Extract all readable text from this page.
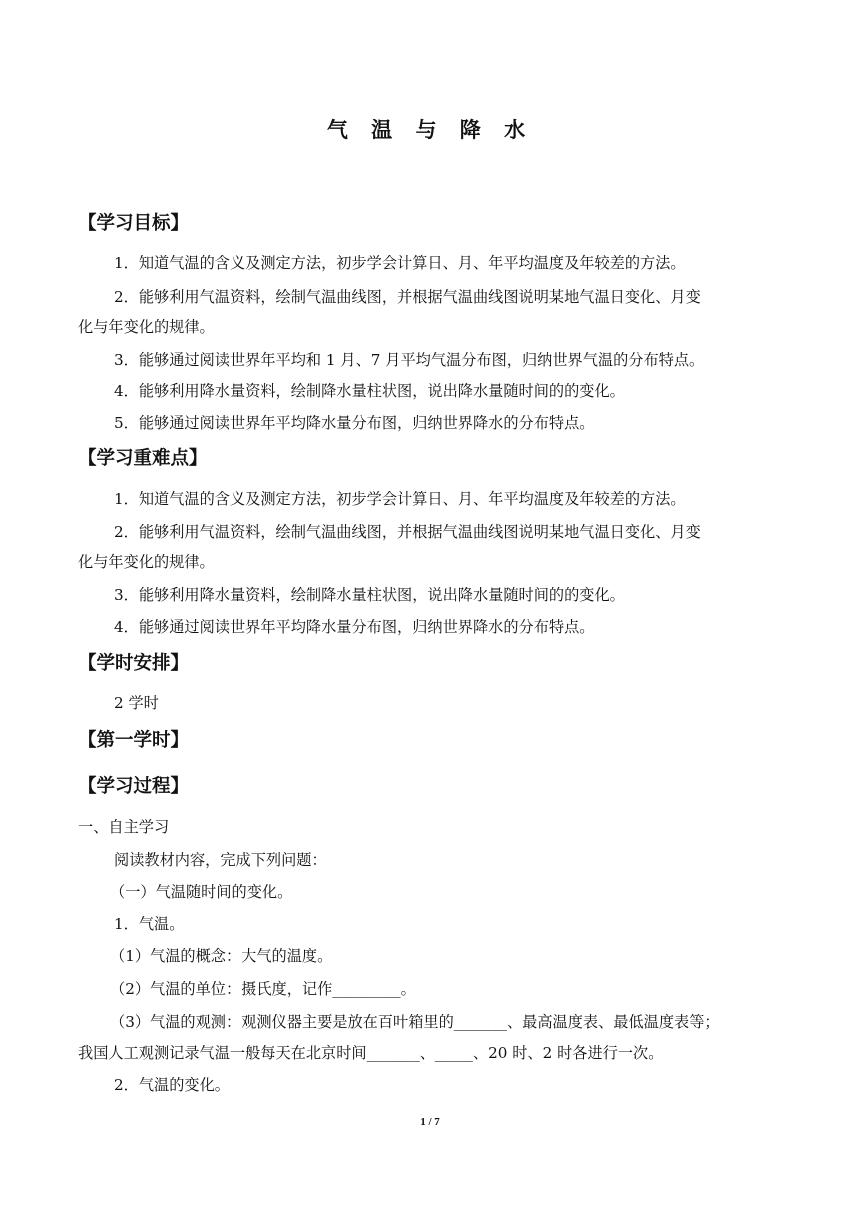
气 温 与 降 水
【学习目标】
1．知道气温的含义及测定方法，初步学会计算日、月、年平均温度及年较差的方法。
2．能够利用气温资料，绘制气温曲线图，并根据气温曲线图说明某地气温日变化、月变
化与年变化的规律。
3．能够通过阅读世界年平均和 1 月、7 月平均气温分布图，归纳世界气温的分布特点。
4．能够利用降水量资料，绘制降水量柱状图，说出降水量随时间的的变化。
5．能够通过阅读世界年平均降水量分布图，归纳世界降水的分布特点。
【学习重难点】
1．知道气温的含义及测定方法，初步学会计算日、月、年平均温度及年较差的方法。
2．能够利用气温资料，绘制气温曲线图，并根据气温曲线图说明某地气温日变化、月变
化与年变化的规律。
3．能够利用降水量资料，绘制降水量柱状图，说出降水量随时间的的变化。
4．能够通过阅读世界年平均降水量分布图，归纳世界降水的分布特点。
【学时安排】
2 学时
【第一学时】
【学习过程】
一、自主学习
阅读教材内容，完成下列问题：
（一）气温随时间的变化。
1．气温。
（1）气温的概念：大气的温度。
（2）气温的单位：摄氏度，记作_________。
（3）气温的观测：观测仪器主要是放在百叶箱里的_______、最高温度表、最低温度表等；
我国人工观测记录气温一般每天在北京时间_______、_____、20 时、2 时各进行一次。
2．气温的变化。
1 / 7
